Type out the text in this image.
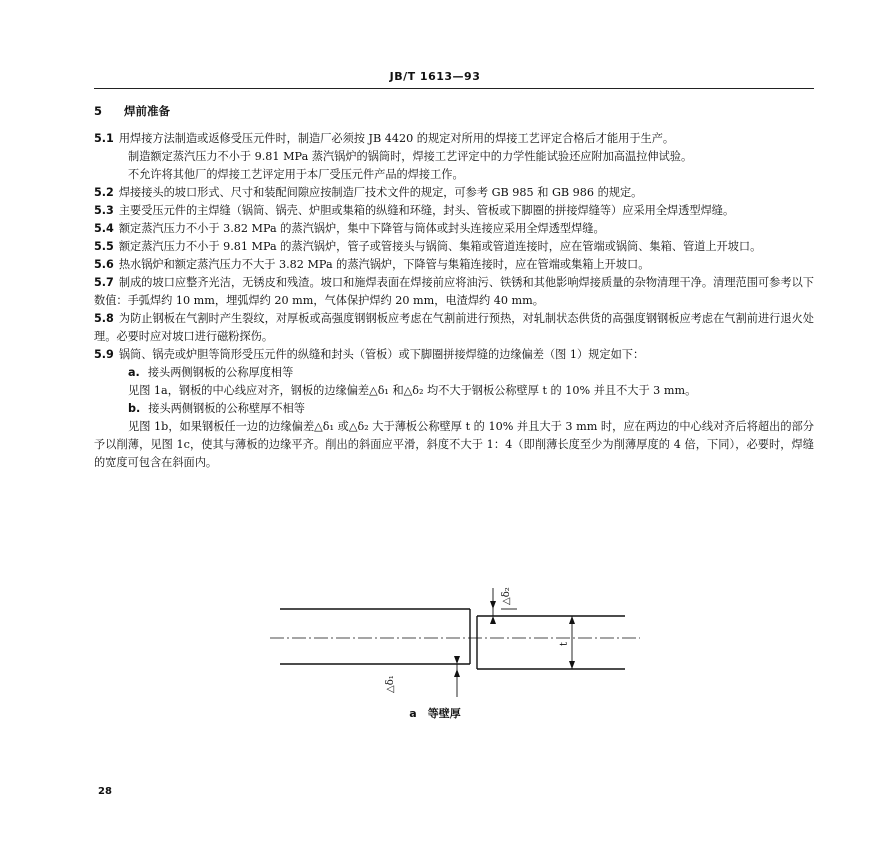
JB/T 1613—93
5 焊前准备

5.1 用焊接方法制造或返修受压元件时，制造厂必须按 JB 4420 的规定对所用的焊接工艺评定合格后才能用于生产。

制造额定蒸汽压力不小于 9.81 MPa 蒸汽锅炉的锅筒时，焊接工艺评定中的力学性能试验还应附加高温拉伸试验。

不允许将其他厂的焊接工艺评定用于本厂受压元件产品的焊接工作。

5.2 焊接接头的坡口形式、尺寸和装配间隙应按制造厂技术文件的规定，可参考 GB 985 和 GB 986 的规定。

5.3 主要受压元件的主焊缝（锅筒、锅壳、炉胆或集箱的纵缝和环缝，封头、管板或下脚圈的拼接焊缝等）应采用全焊透型焊缝。

5.4 额定蒸汽压力不小于 3.82 MPa 的蒸汽锅炉，集中下降管与筒体或封头连接应采用全焊透型焊缝。

5.5 额定蒸汽压力不小于 9.81 MPa 的蒸汽锅炉，管子或管接头与锅筒、集箱或管道连接时，应在管端或锅筒、集箱、管道上开坡口。

5.6 热水锅炉和额定蒸汽压力不大于 3.82 MPa 的蒸汽锅炉，下降管与集箱连接时，应在管端或集箱上开坡口。

5.7 制成的坡口应整齐光洁，无锈皮和残渣。坡口和施焊表面在焊接前应将油污、铁锈和其他影响焊接质量的杂物清理干净。清理范围可参考以下数值：手弧焊约 10 mm，埋弧焊约 20 mm，气体保护焊约 20 mm，电渣焊约 40 mm。

5.8 为防止钢板在气割时产生裂纹，对厚板或高强度钢钢板应考虑在气割前进行预热，对轧制状态供货的高强度钢钢板应考虑在气割前进行退火处理。必要时应对坡口进行磁粉探伤。

5.9 锅筒、锅壳或炉胆等筒形受压元件的纵缝和封头（管板）或下脚圈拼接焊缝的边缘偏差（图 1）规定如下：

a. 接头两侧钢板的公称厚度相等

见图 1a，钢板的中心线应对齐，钢板的边缘偏差△δ₁ 和△δ₂ 均不大于钢板公称壁厚 t 的 10% 并且不大于 3 mm。

b. 接头两侧钢板的公称壁厚不相等

见图 1b，如果钢板任一边的边缘偏差△δ₁ 或△δ₂ 大于薄板公称壁厚 t 的 10% 并且大于 3 mm 时，应在两边的中心线对齐后将超出的部分予以削薄，见图 1c，使其与薄板的边缘平齐。削出的斜面应平滑，斜度不大于 1：4（即削薄长度至少为削薄厚度的 4 倍，下同），必要时，焊缝的宽度可包含在斜面内。

△δ₂
△δ₁
t
a　等壁厚
28
